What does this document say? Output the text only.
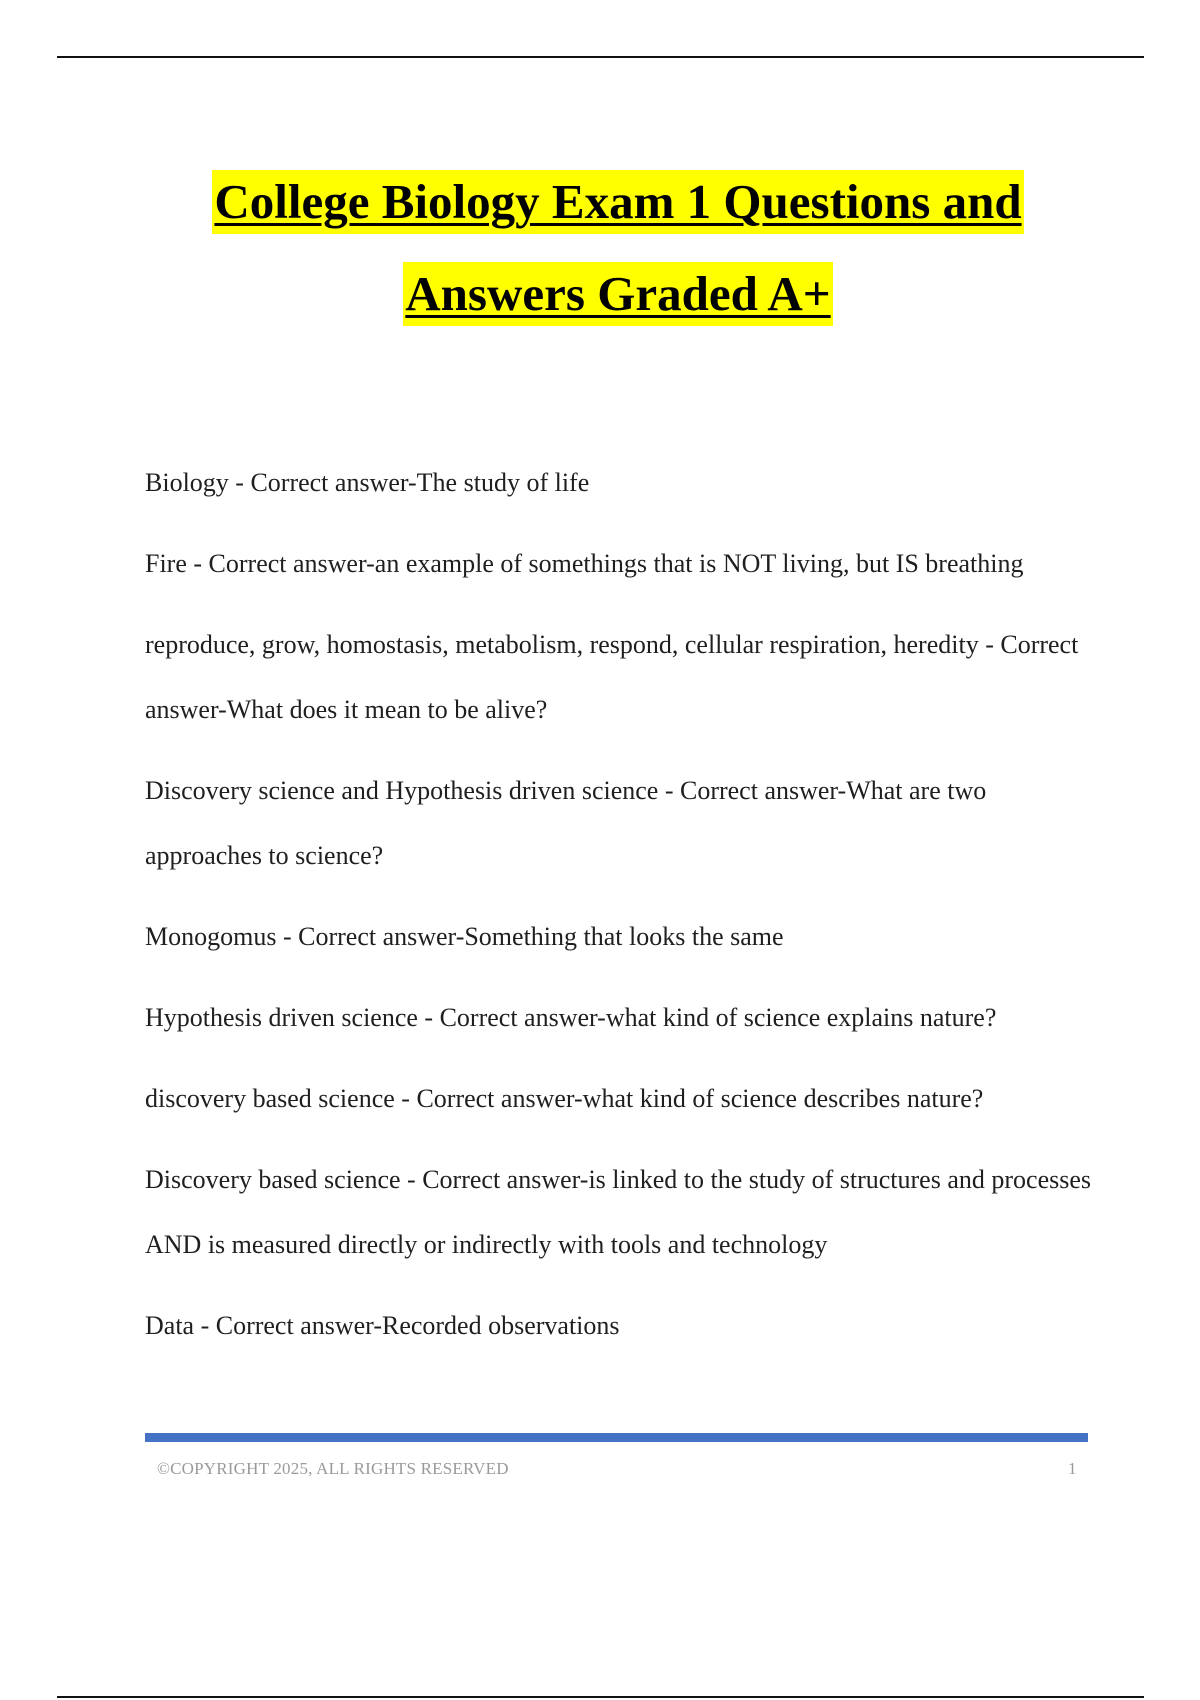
College Biology Exam 1 Questions and
Answers Graded A+

Biology - Correct answer-The study of life

Fire - Correct answer-an example of somethings that is NOT living, but IS breathing

reproduce, grow, homostasis, metabolism, respond, cellular respiration, heredity - Correct answer-What does it mean to be alive?

Discovery science and Hypothesis driven science - Correct answer-What are two approaches to science?

Monogomus - Correct answer-Something that looks the same

Hypothesis driven science - Correct answer-what kind of science explains nature?

discovery based science - Correct answer-what kind of science describes nature?

Discovery based science - Correct answer-is linked to the study of structures and processes AND is measured directly or indirectly with tools and technology

Data - Correct answer-Recorded observations

©COPYRIGHT 2025, ALL RIGHTS RESERVED	1
